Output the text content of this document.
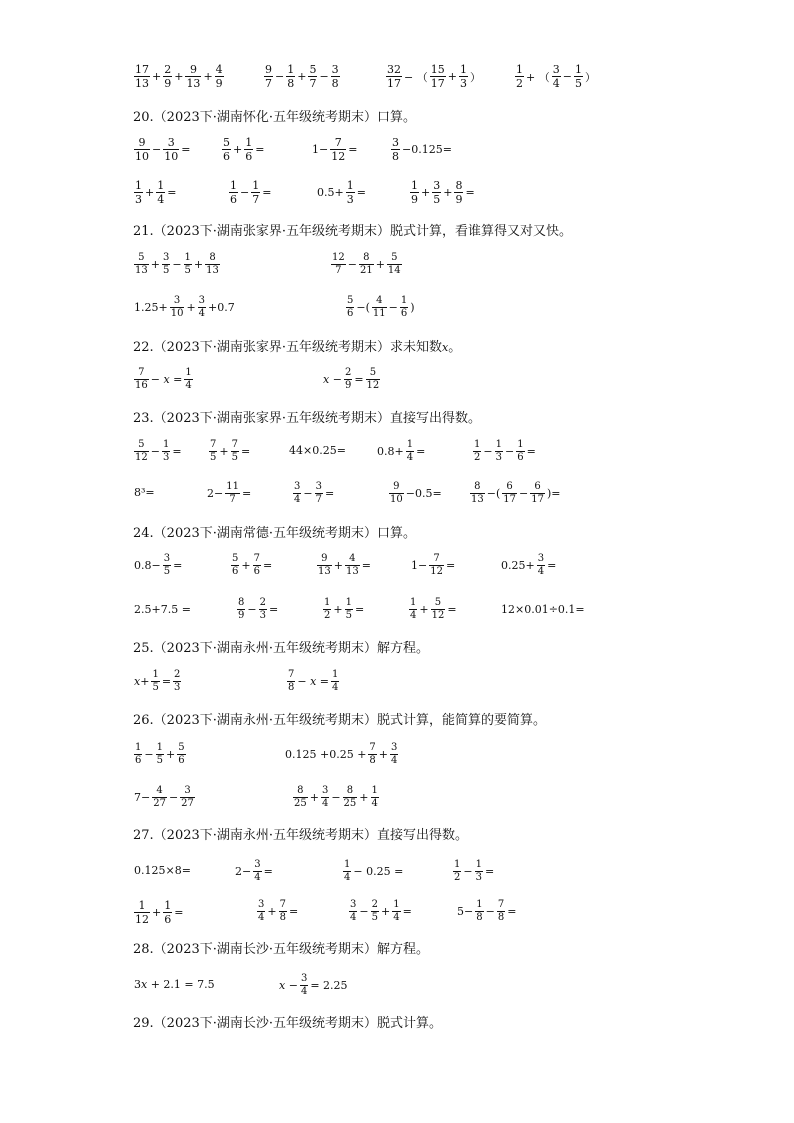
17
13
+
2
9
+
9
13
+
4
9
9
7
−
1
8
+
5
7
−
3
8
32
17 − （
15
17
+
1
3 ）
1
2 + （
3
4
−
1
5 ）
20.（2023下·湖南怀化·五年级统考期末）口算。
9
10
−
3
10
=
5
6
+
1
6
=	1−
7
12
=
3
8
−0.125=
1
3
+
1
4
=
1
6
−
1
7
=	0.5+
1
3
=
1
9
+
3
5
+
8
9
=
21.（2023下·湖南张家界·五年级统考期末）脱式计算，看谁算得又对又快。
5
13 +
3
5 −
1
5 +
8
13
12
7 −
8
21 +
5
14
1.25+
3
10 +
3
4 +0.7
5
6 −(
4
11 −
1
6 )
22.（2023下·湖南张家界·五年级统考期末）求未知数x。
7
16 − x =
1
4	x −
2
9 =
5
12
23.（2023下·湖南张家界·五年级统考期末）直接写出得数。
5
12 −
1
3 =
7
5 +
7
5 =	44×0.25=	0.8+
1
4 =
1
2 −
1
3 −
1
6 =
8³=	2−
11
7 =
3
4 −
3
7 =
9
10 −0.5=
8
13 −(
6
17 −
6
17 )=
24.（2023下·湖南常德·五年级统考期末）口算。
0.8−
3
5 =
5
6 +
7
6 =
9
13 +
4
13 =	1−
7
12 =	0.25+
3
4 =
2.5+7.5 =
8
9 −
2
3 =
1
2 +
1
5 =
1
4 +
5
12 =	12×0.01÷0.1=
25.（2023下·湖南永州·五年级统考期末）解方程。
x+
1
5 =
2
3
7
8 − x =
1
4
26.（2023下·湖南永州·五年级统考期末）脱式计算，能简算的要简算。
1
6 −
1
5 +
5
6	0.125 +0.25 +
7
8 +
3
4
7−
4
27 −
3
27
8
25 +
3
4 −
8
25 +
1
4
27.（2023下·湖南永州·五年级统考期末）直接写出得数。
0.125×8=	2−
3
4 =
1
4 − 0.25 =
1
2 −
1
3 =
1
12
+
1
6
=
3
4 +
7
8 =
3
4 −
2
5 +
1
4 =	5−
1
8 −
7
8 =
28.（2023下·湖南长沙·五年级统考期末）解方程。
3x + 2.1 = 7.5	x −
3
4 = 2.25
29.（2023下·湖南长沙·五年级统考期末）脱式计算。
